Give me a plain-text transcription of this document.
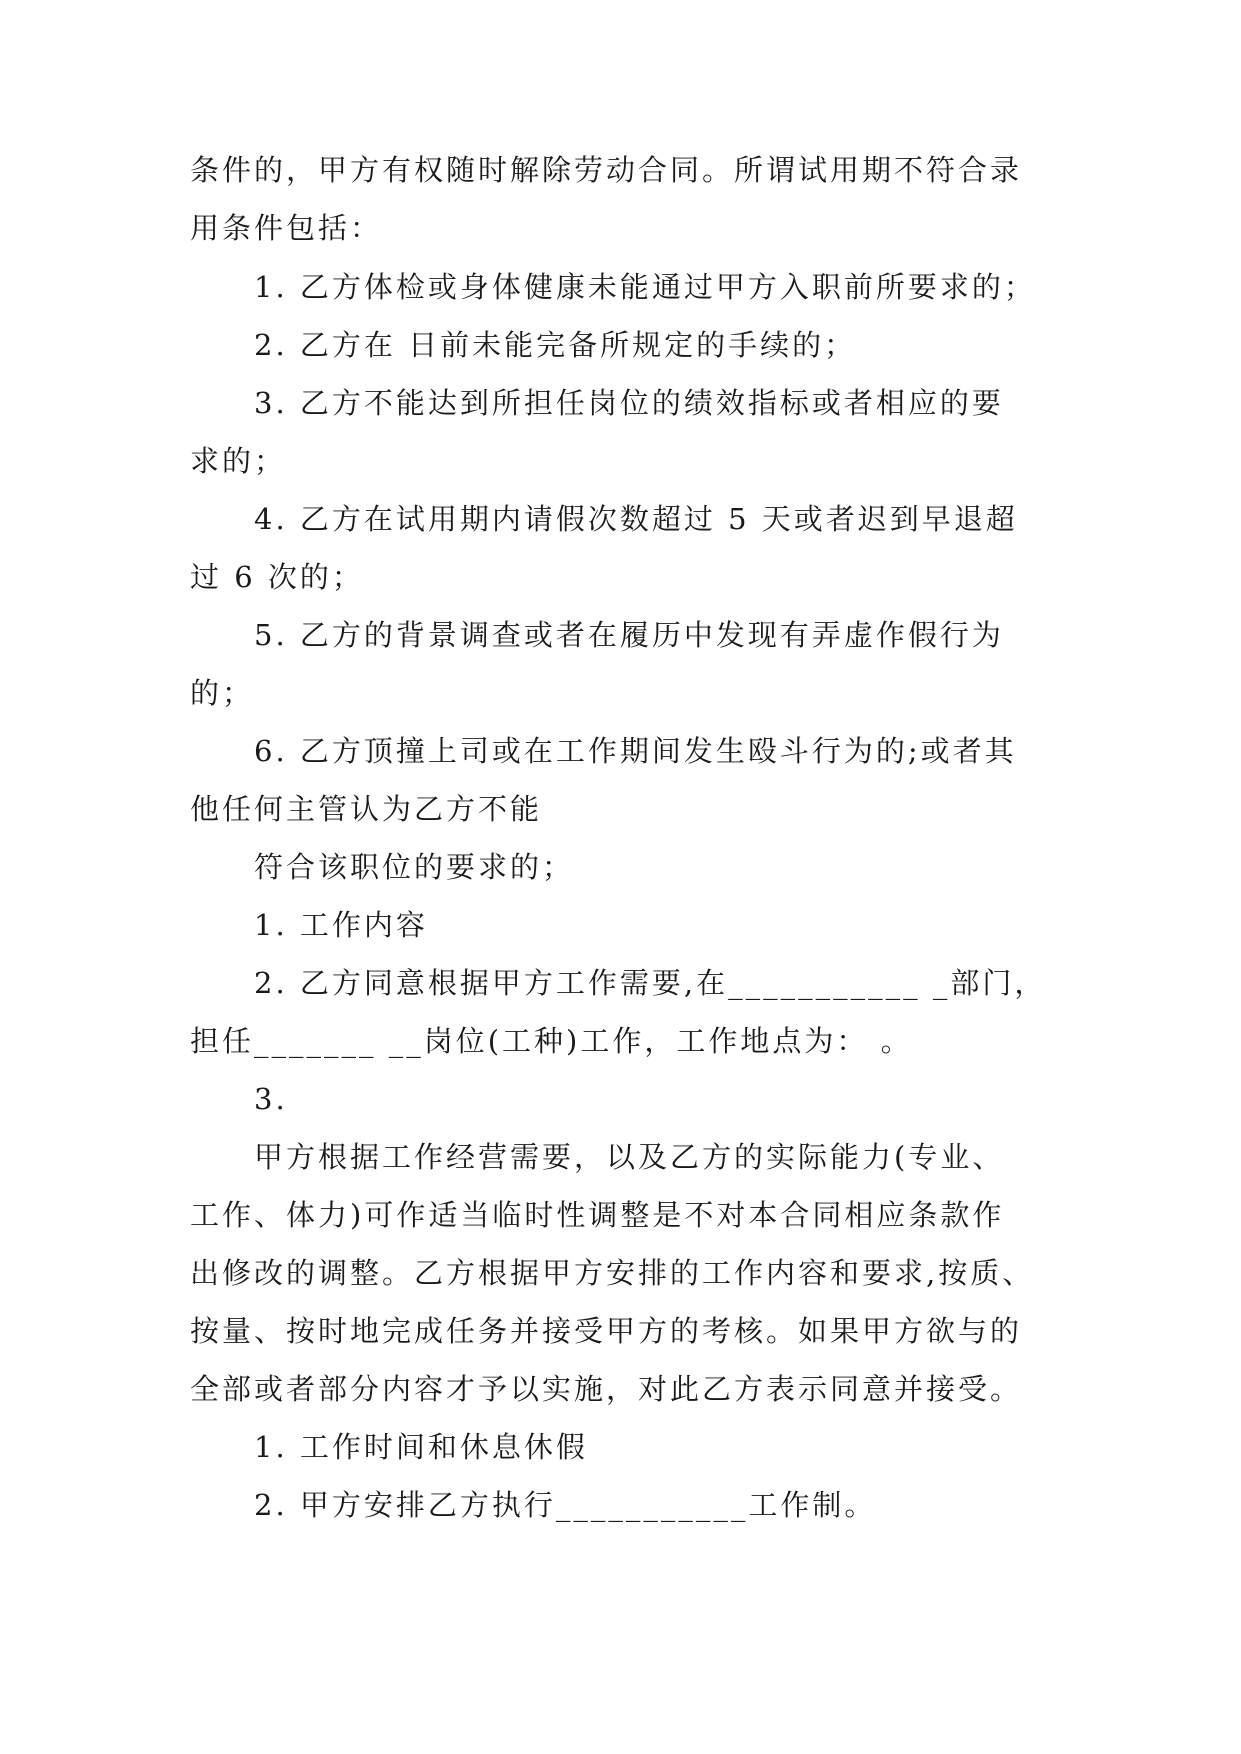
条件的，甲方有权随时解除劳动合同。所谓试用期不符合录
用条件包括：
1. 乙方体检或身体健康未能通过甲方入职前所要求的；
2. 乙方在 日前未能完备所规定的手续的；
3. 乙方不能达到所担任岗位的绩效指标或者相应的要
求的；
4. 乙方在试用期内请假次数超过 5 天或者迟到早退超
过 6 次的；
5. 乙方的背景调查或者在履历中发现有弄虚作假行为
的；
6. 乙方顶撞上司或在工作期间发生殴斗行为的;或者其
他任何主管认为乙方不能
符合该职位的要求的；
1. 工作内容
2. 乙方同意根据甲方工作需要,在___________ _部门，
担任_______ __岗位(工种)工作，工作地点为： 。
3.
甲方根据工作经营需要，以及乙方的实际能力(专业、
工作、体力)可作适当临时性调整是不对本合同相应条款作
出修改的调整。乙方根据甲方安排的工作内容和要求,按质、
按量、按时地完成任务并接受甲方的考核。如果甲方欲与的
全部或者部分内容才予以实施，对此乙方表示同意并接受。
1. 工作时间和休息休假
2. 甲方安排乙方执行___________工作制。
